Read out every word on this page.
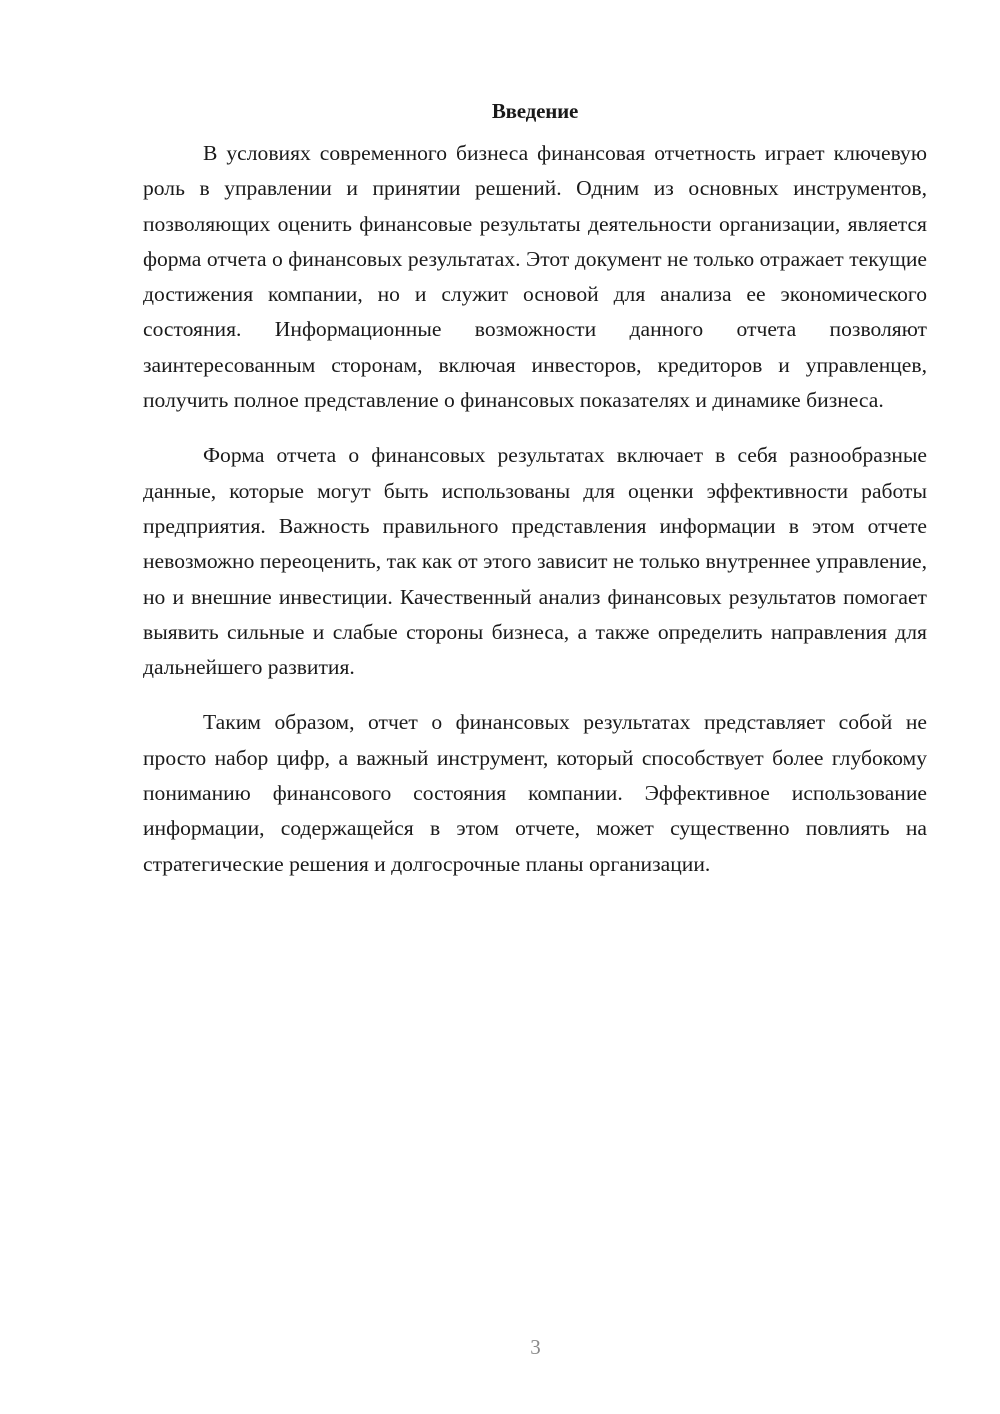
Введение

В условиях современного бизнеса финансовая отчетность играет ключевую роль в управлении и принятии решений. Одним из основных инструментов, позволяющих оценить финансовые результаты деятельности организации, является форма отчета о финансовых результатах. Этот документ не только отражает текущие достижения компании, но и служит основой для анализа ее экономического состояния. Информационные возможности данного отчета позволяют заинтересованным сторонам, включая инвесторов, кредиторов и управленцев, получить полное представление о финансовых показателях и динамике бизнеса.

Форма отчета о финансовых результатах включает в себя разнообразные данные, которые могут быть использованы для оценки эффективности работы предприятия. Важность правильного представления информации в этом отчете невозможно переоценить, так как от этого зависит не только внутреннее управление, но и внешние инвестиции. Качественный анализ финансовых результатов помогает выявить сильные и слабые стороны бизнеса, а также определить направления для дальнейшего развития.

Таким образом, отчет о финансовых результатах представляет собой не просто набор цифр, а важный инструмент, который способствует более глубокому пониманию финансового состояния компании. Эффективное использование информации, содержащейся в этом отчете, может существенно повлиять на стратегические решения и долгосрочные планы организации.

3
